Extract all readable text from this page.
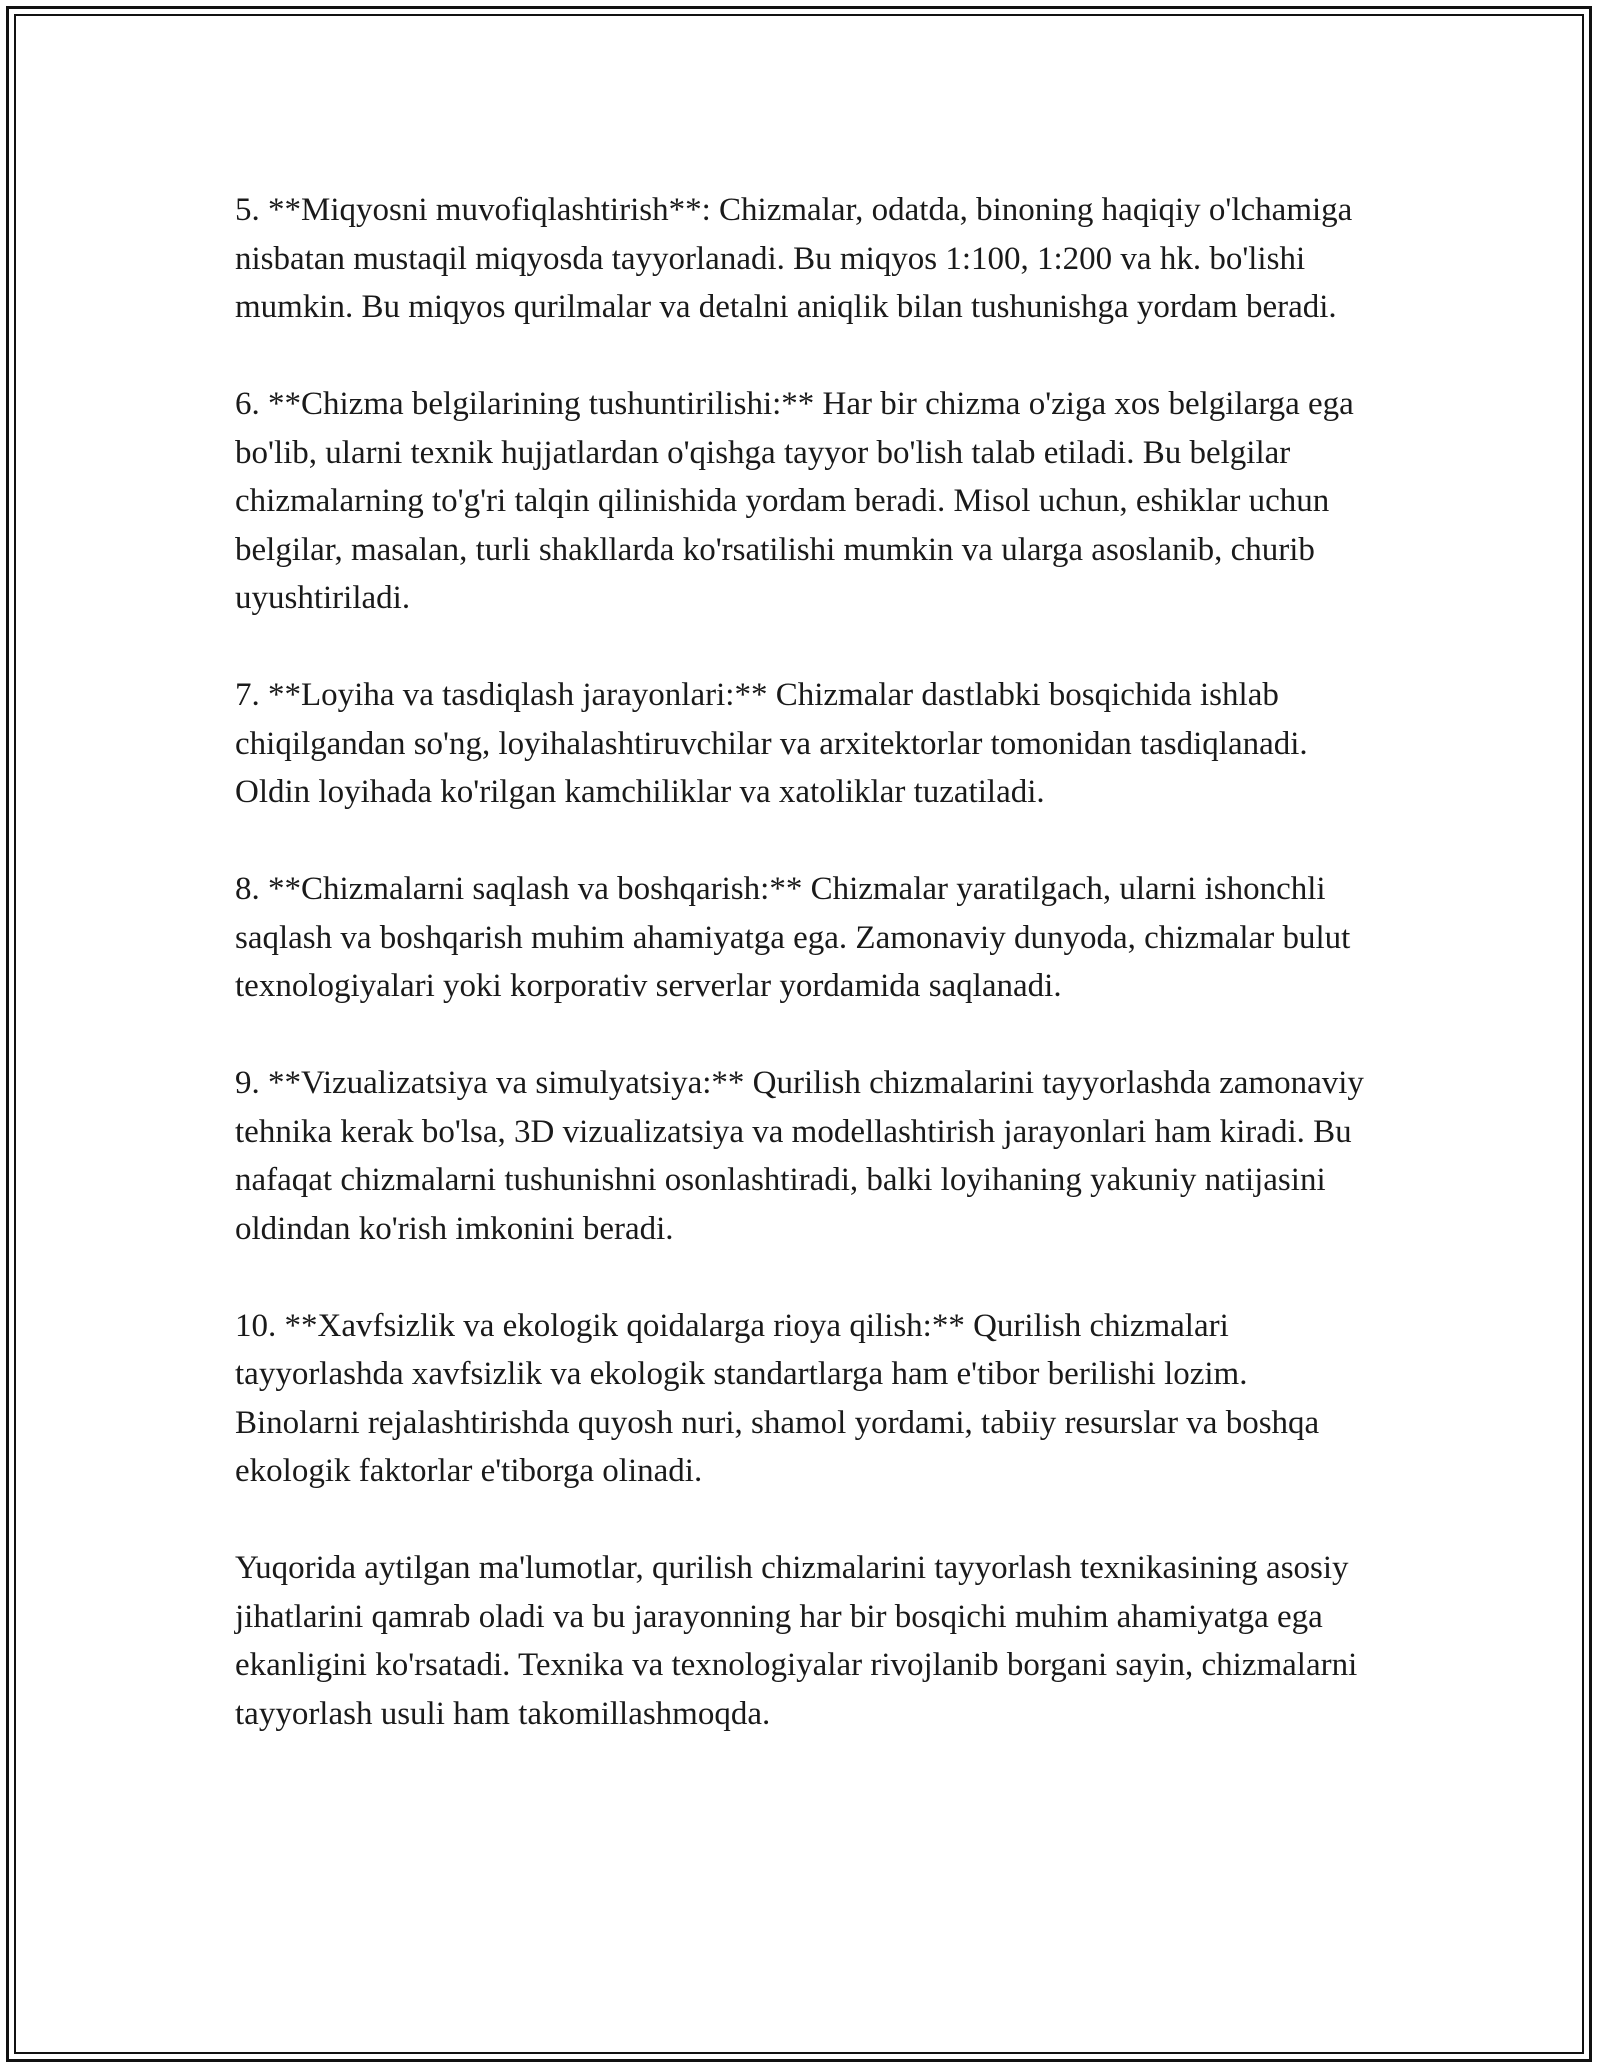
5. **Miqyosni muvofiqlashtirish**: Chizmalar, odatda, binoning haqiqiy o'lchamiga nisbatan mustaqil miqyosda tayyorlanadi. Bu miqyos 1:100, 1:200 va hk. bo'lishi mumkin. Bu miqyos qurilmalar va detalni aniqlik bilan tushunishga yordam beradi.

6. **Chizma belgilarining tushuntirilishi:** Har bir chizma o'ziga xos belgilarga ega bo'lib, ularni texnik hujjatlardan o'qishga tayyor bo'lish talab etiladi. Bu belgilar chizmalarning to'g'ri talqin qilinishida yordam beradi. Misol uchun, eshiklar uchun belgilar, masalan, turli shakllarda ko'rsatilishi mumkin va ularga asoslanib, churib uyushtiriladi.

7. **Loyiha va tasdiqlash jarayonlari:** Chizmalar dastlabki bosqichida ishlab chiqilgandan so'ng, loyihalashtiruvchilar va arxitektorlar tomonidan tasdiqlanadi. Oldin loyihada ko'rilgan kamchiliklar va xatoliklar tuzatiladi.

8. **Chizmalarni saqlash va boshqarish:** Chizmalar yaratilgach, ularni ishonchli saqlash va boshqarish muhim ahamiyatga ega. Zamonaviy dunyoda, chizmalar bulut texnologiyalari yoki korporativ serverlar yordamida saqlanadi.

9. **Vizualizatsiya va simulyatsiya:** Qurilish chizmalarini tayyorlashda zamonaviy tehnika kerak bo'lsa, 3D vizualizatsiya va modellashtirish jarayonlari ham kiradi. Bu nafaqat chizmalarni tushunishni osonlashtiradi, balki loyihaning yakuniy natijasini oldindan ko'rish imkonini beradi.

10. **Xavfsizlik va ekologik qoidalarga rioya qilish:** Qurilish chizmalari tayyorlashda xavfsizlik va ekologik standartlarga ham e'tibor berilishi lozim. Binolarni rejalashtirishda quyosh nuri, shamol yordami, tabiiy resurslar va boshqa ekologik faktorlar e'tiborga olinadi.

Yuqorida aytilgan ma'lumotlar, qurilish chizmalarini tayyorlash texnikasining asosiy jihatlarini qamrab oladi va bu jarayonning har bir bosqichi muhim ahamiyatga ega ekanligini ko'rsatadi. Texnika va texnologiyalar rivojlanib borgani sayin, chizmalarni tayyorlash usuli ham takomillashmoqda.
